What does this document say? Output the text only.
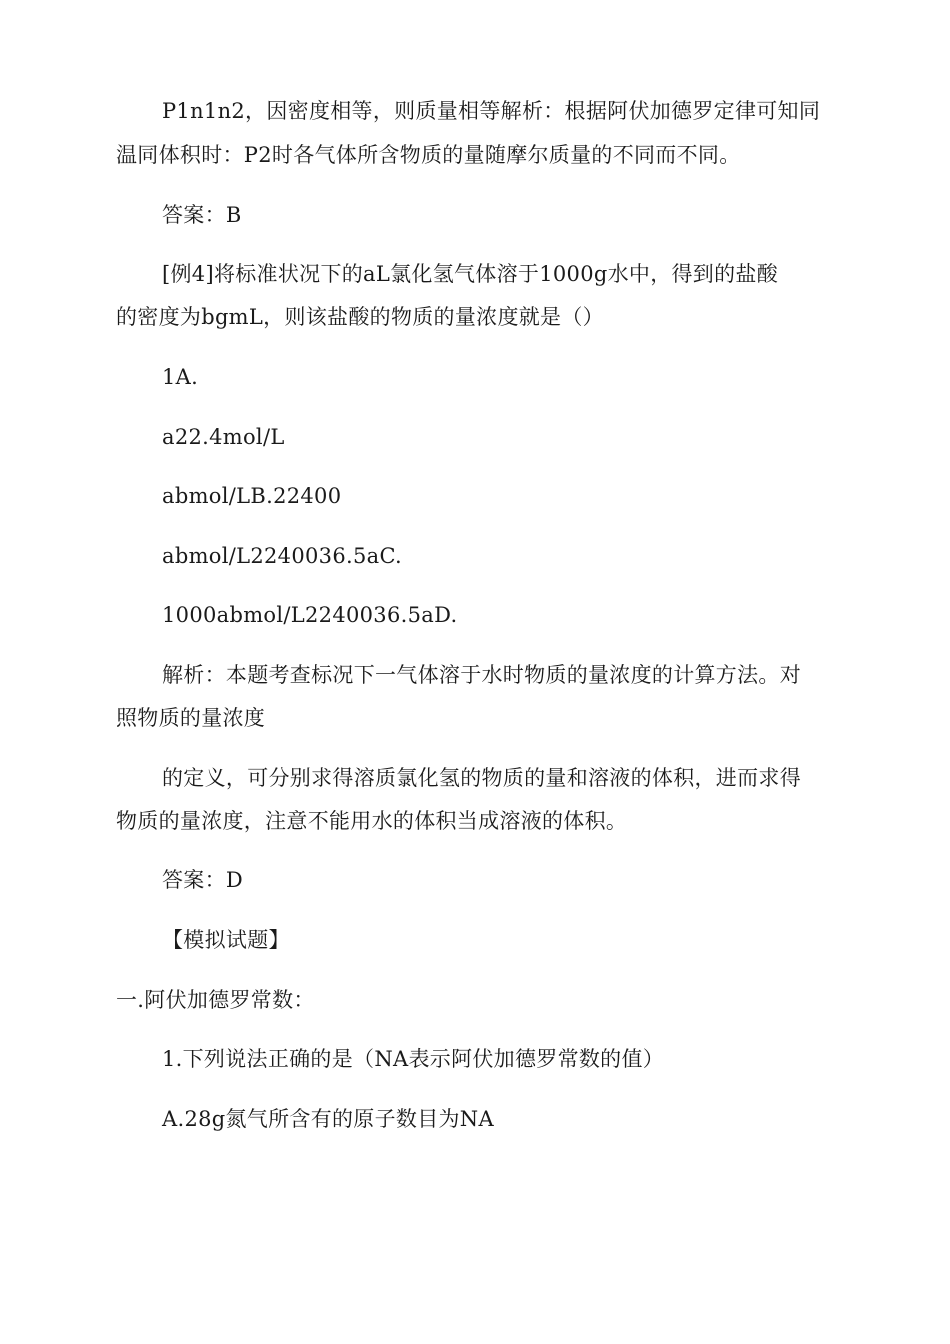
P1n1n2，因密度相等，则质量相等解析：根据阿伏加德罗定律可知同
温同体积时：P2时各气体所含物质的量随摩尔质量的不同而不同。
答案：B
[例4]将标准状况下的aL氯化氢气体溶于1000g水中，得到的盐酸
的密度为bgmL，则该盐酸的物质的量浓度就是（）
1A.
a22.4mol/L
abmol/LB.22400
abmol/L2240036.5aC.
1000abmol/L2240036.5aD.
解析：本题考查标况下一气体溶于水时物质的量浓度的计算方法。对
照物质的量浓度
的定义，可分别求得溶质氯化氢的物质的量和溶液的体积，进而求得
物质的量浓度，注意不能用水的体积当成溶液的体积。
答案：D
【模拟试题】
一.阿伏加德罗常数：
1.下列说法正确的是（NA表示阿伏加德罗常数的值）
A.28g氮气所含有的原子数目为NA
